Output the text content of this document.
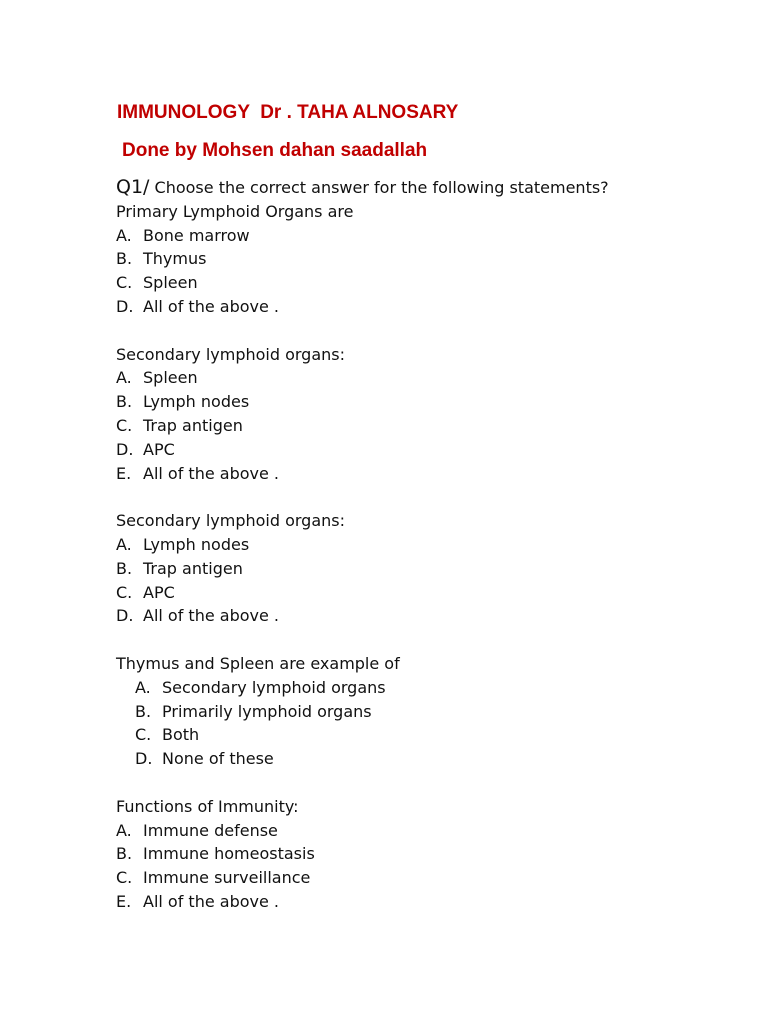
IMMUNOLOGY  Dr . TAHA ALNOSARY
Done by Mohsen dahan saadallah
Q1/ Choose the correct answer for the following statements?
Primary Lymphoid Organs are
A. Bone marrow
B. Thymus
C. Spleen
D. All of the above .
Secondary lymphoid organs:
A. Spleen
B. Lymph nodes
C. Trap antigen
D. APC
E. All of the above .
Secondary lymphoid organs:
A. Lymph nodes
B. Trap antigen
C. APC
D. All of the above .
Thymus and Spleen are example of
A. Secondary lymphoid organs
B. Primarily lymphoid organs
C. Both
D. None of these
Functions of Immunity:
A. Immune defense
B. Immune homeostasis
C. Immune surveillance
E. All of the above .
